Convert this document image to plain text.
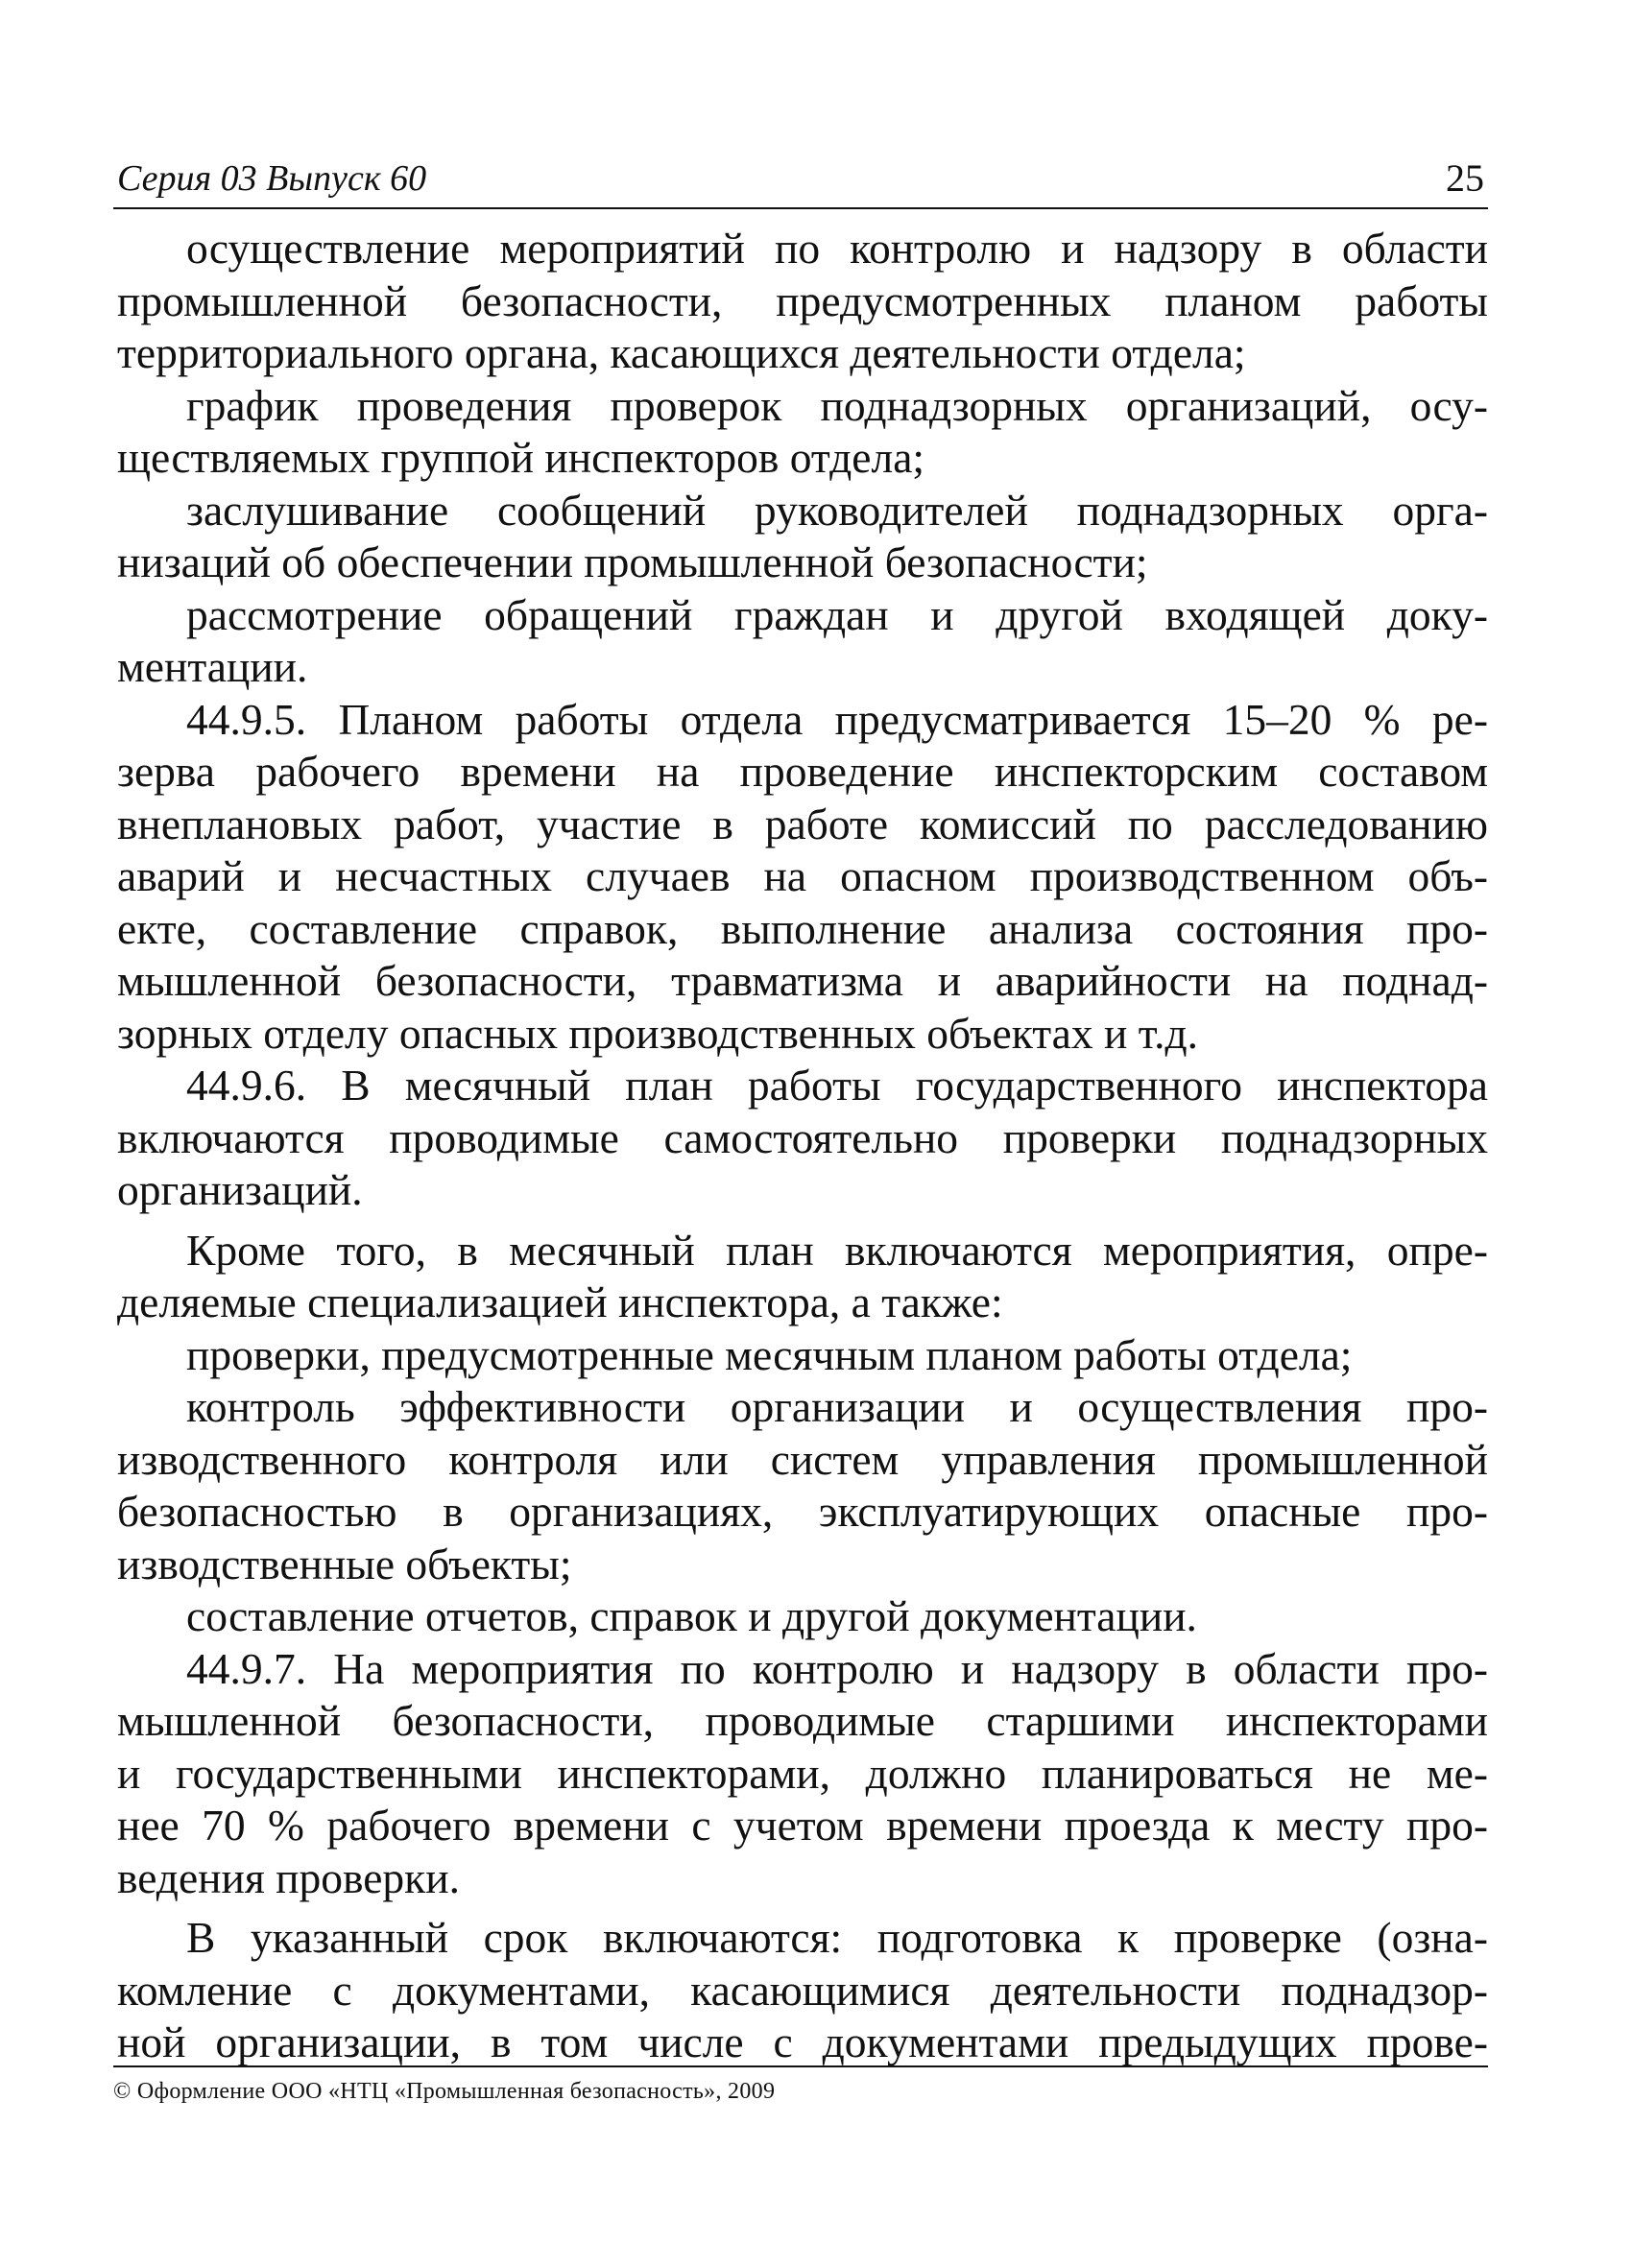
Серия 03 Выпуск 60	25
осуществление мероприятий по контролю и надзору в области
промышленной безопасности, предусмотренных планом работы
территориального органа, касающихся деятельности отдела;
график проведения проверок поднадзорных организаций, осу-
ществляемых группой инспекторов отдела;
заслушивание сообщений руководителей поднадзорных орга-
низаций об обеспечении промышленной безопасности;
рассмотрение обращений граждан и другой входящей доку-
ментации.
44.9.5. Планом работы отдела предусматривается 15–20 % ре-
зерва рабочего времени на проведение инспекторским составом
внеплановых работ, участие в работе комиссий по расследованию
аварий и несчастных случаев на опасном производственном объ-
екте, составление справок, выполнение анализа состояния про-
мышленной безопасности, травматизма и аварийности на поднад-
зорных отделу опасных производственных объектах и т.д.
44.9.6. В месячный план работы государственного инспектора
включаются проводимые самостоятельно проверки поднадзорных
организаций.
Кроме того, в месячный план включаются мероприятия, опре-
деляемые специализацией инспектора, а также:
проверки, предусмотренные месячным планом работы отдела;
контроль эффективности организации и осуществления про-
изводственного контроля или систем управления промышленной
безопасностью в организациях, эксплуатирующих опасные про-
изводственные объекты;
составление отчетов, справок и другой документации.
44.9.7. На мероприятия по контролю и надзору в области про-
мышленной безопасности, проводимые старшими инспекторами
и государственными инспекторами, должно планироваться не ме-
нее 70 % рабочего времени с учетом времени проезда к месту про-
ведения проверки.
В указанный срок включаются: подготовка к проверке (озна-
комление с документами, касающимися деятельности поднадзор-
ной организации, в том числе с документами предыдущих прове-
© Оформление ООО «НТЦ «Промышленная безопасность», 2009
